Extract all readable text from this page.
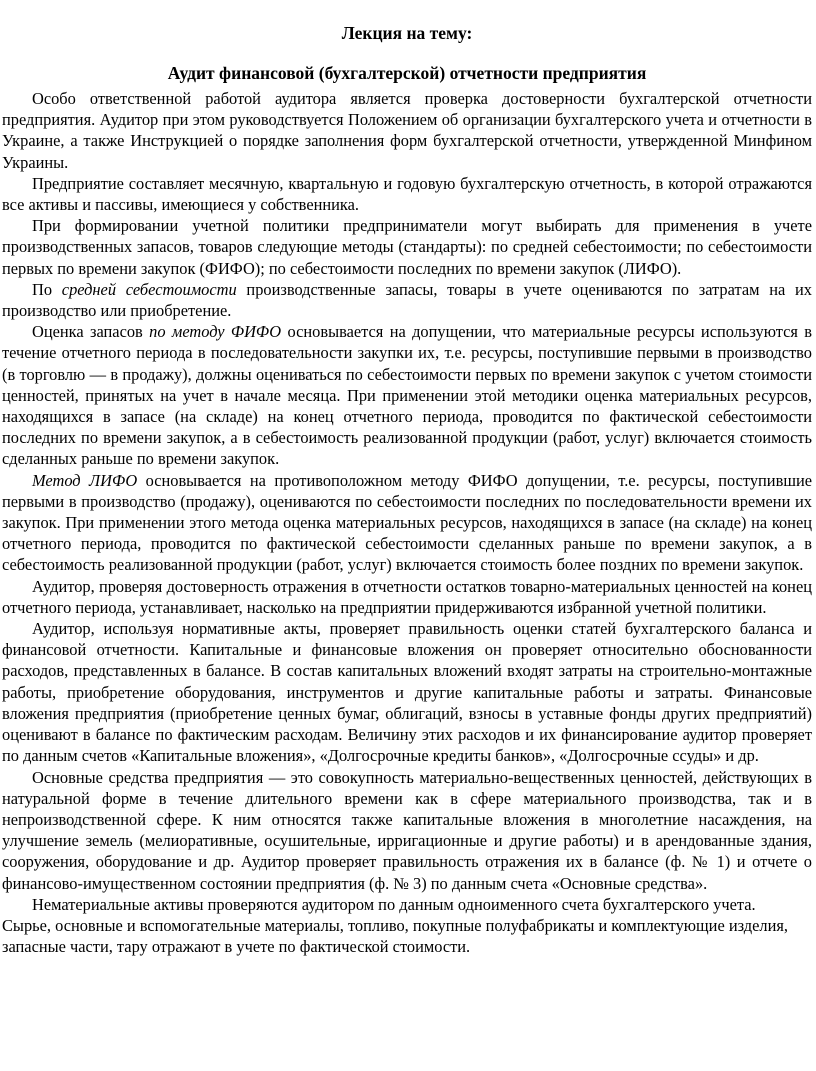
Лекция на тему:
Аудит финансовой (бухгалтерской) отчетности предприятия

Особо ответственной работой аудитора является проверка достоверности бухгалтерской отчетности предприятия. Аудитор при этом руководствуется Положением об организации бухгалтерского учета и отчетности в Украине, а также Инструкцией о порядке заполнения форм бухгалтерской отчетности, утвержденной Минфином Украины.

Предприятие составляет месячную, квартальную и годовую бухгалтерскую отчетность, в которой отражаются все активы и пассивы, имеющиеся у собственника.

При формировании учетной политики предприниматели могут выбирать для применения в учете производственных запасов, товаров следующие методы (стандарты): по средней себестоимости; по себестоимости первых по времени закупок (ФИФО); по себестоимости последних по времени закупок (ЛИФО).

По средней себестоимости производственные запасы, товары в учете оцениваются по затратам на их производство или приобретение.

Оценка запасов по методу ФИФО основывается на допущении, что материальные ресурсы используются в течение отчетного периода в последовательности закупки их, т.е. ресурсы, поступившие первыми в производство (в торговлю — в продажу), должны оцениваться по себестоимости первых по времени закупок с учетом стоимости ценностей, принятых на учет в начале месяца. При применении этой методики оценка материальных ресурсов, находящихся в запасе (на складе) на конец отчетного периода, проводится по фактической себестоимости последних по времени закупок, а в себестоимость реализованной продукции (работ, услуг) включается стоимость сделанных раньше по времени закупок.

Метод ЛИФО основывается на противоположном методу ФИФО допущении, т.е. ресурсы, поступившие первыми в производство (продажу), оцениваются по себестоимости последних по последовательности времени их закупок. При применении этого метода оценка материальных ресурсов, находящихся в запасе (на складе) на конец отчетного периода, проводится по фактической себестоимости сделанных раньше по времени закупок, а в себестоимость реализованной продукции (работ, услуг) включается стоимость более поздних по времени закупок.

Аудитор, проверяя достоверность отражения в отчетности остатков товарно-материальных ценностей на конец отчетного периода, устанавливает, насколько на предприятии придерживаются избранной учетной политики.

Аудитор, используя нормативные акты, проверяет правильность оценки статей бухгалтерского баланса и финансовой отчетности. Капитальные и финансовые вложения он проверяет относительно обоснованности расходов, представленных в балансе. В состав капитальных вложений входят затраты на строительно-монтажные работы, приобретение оборудования, инструментов и другие капитальные работы и затраты. Финансовые вложения предприятия (приобретение ценных бумаг, облигаций, взносы в уставные фонды других предприятий) оценивают в балансе по фактическим расходам. Величину этих расходов и их финансирование аудитор проверяет по данным счетов «Капитальные вложения», «Долгосрочные кредиты банков», «Долгосрочные ссуды» и др.

Основные средства предприятия — это совокупность материально-вещественных ценностей, действующих в натуральной форме в течение длительного времени как в сфере материального производства, так и в непроизводственной сфере. К ним относятся также капитальные вложения в многолетние насаждения, на улучшение земель (мелиоративные, осушительные, ирригационные и другие работы) и в арендованные здания, сооружения, оборудование и др. Аудитор проверяет правильность отражения их в балансе (ф. № 1) и отчете о финансово-имущественном состоянии предприятия (ф. № 3) по данным счета «Основные средства».

Нематериальные активы проверяются аудитором по данным одноименного счета бухгалтерского учета.

Сырье, основные и вспомогательные материалы, топливо, покупные полуфабрикаты и комплектующие изделия, запасные части, тару отражают в учете по фактической стоимости.
